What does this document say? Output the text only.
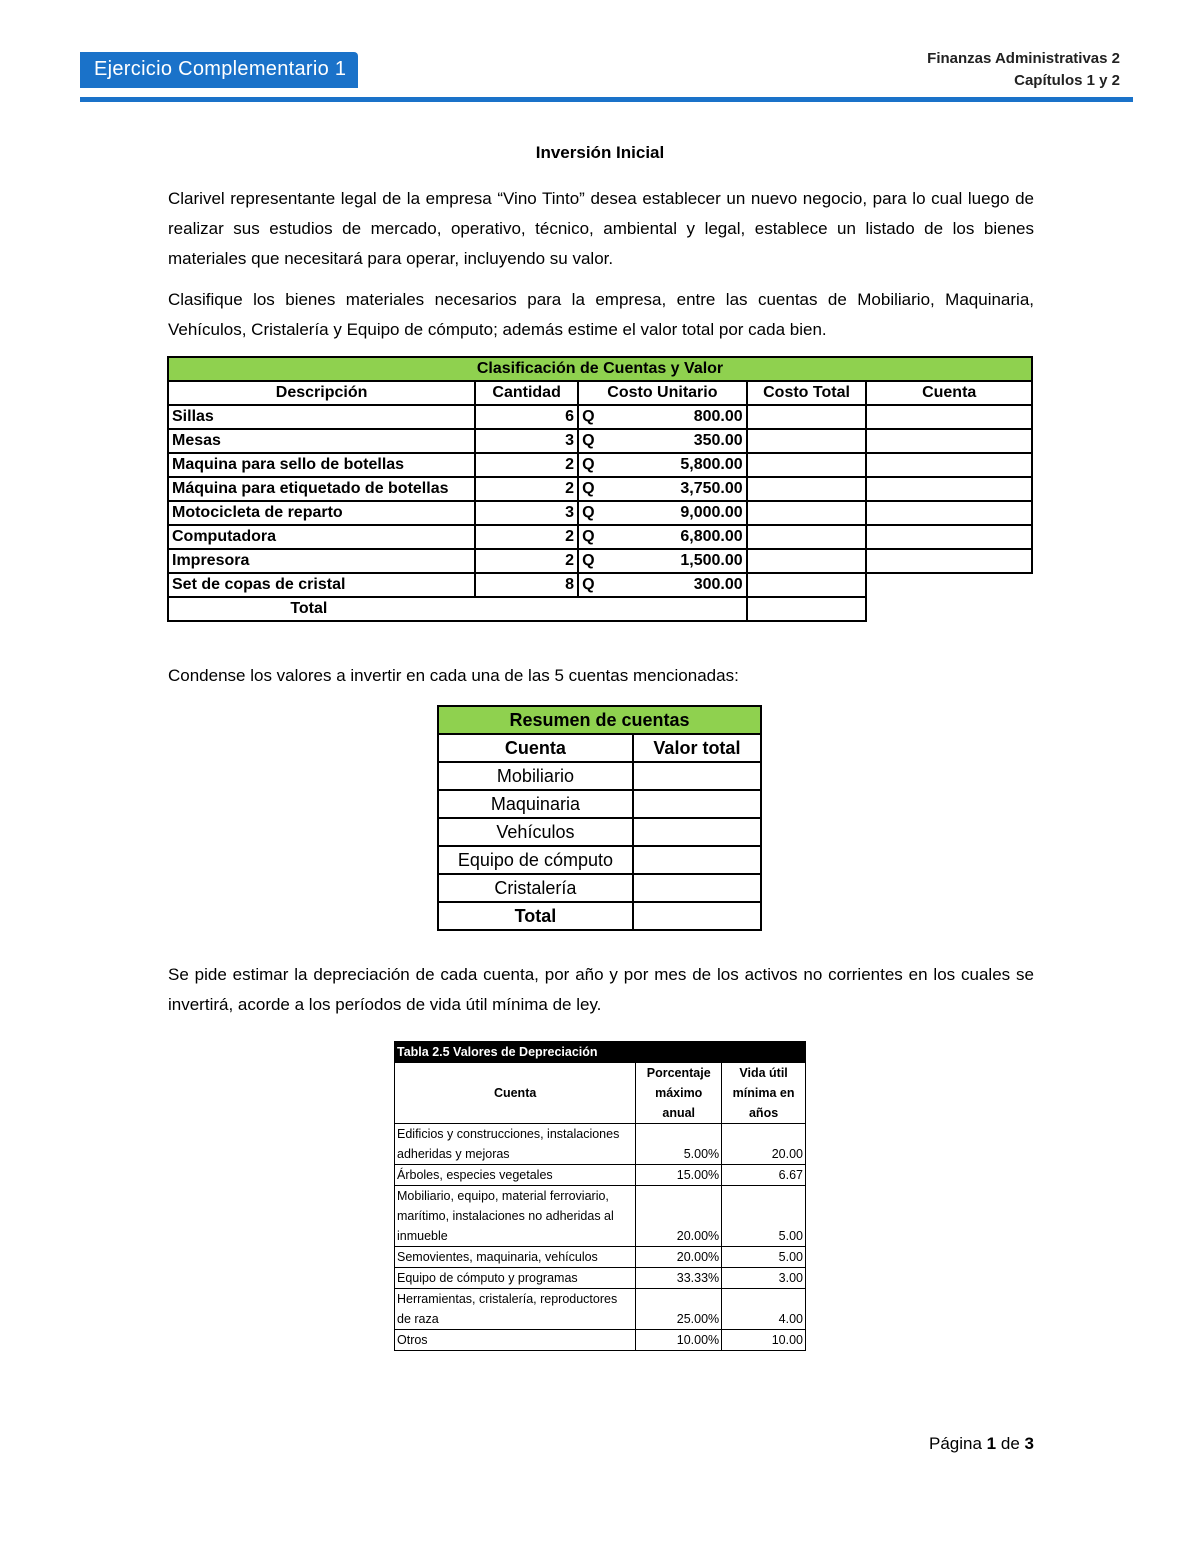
Ejercicio Complementario 1	Finanzas Administrativas 2
Capítulos 1 y 2
Inversión Inicial
Clarivel representante legal de la empresa “Vino Tinto” desea establecer un nuevo negocio, para lo cual luego de realizar sus estudios de mercado, operativo, técnico, ambiental y legal, establece un listado de los bienes materiales que necesitará para operar, incluyendo su valor.
Clasifique los bienes materiales necesarios para la empresa, entre las cuentas de Mobiliario, Maquinaria, Vehículos, Cristalería y Equipo de cómputo; además estime el valor total por cada bien.
Clasificación de Cuentas y Valor				
Descripción	Cantidad	Costo Unitario	Costo Total	Cuenta
Sillas	6	Q 800.00		

Mesas	3	Q 350.00		

Maquina para sello de botellas	2	Q 5,800.00		

Máquina para etiquetado de botellas	2	Q 3,750.00		

Motocicleta de reparto	3	Q 9,000.00		

Computadora	2	Q 6,800.00		

Impresora	2	Q 1,500.00		

Set de copas de cristal	8	Q 300.00		

Total				
Condense los valores a invertir en cada una de las 5 cuentas mencionadas:
Resumen de cuentas	
Cuenta	Valor total
Mobiliario	
Maquinaria	
Vehículos	
Equipo de cómputo	
Cristalería	
Total	
Se pide estimar la depreciación de cada cuenta, por año y por mes de los activos no corrientes en los cuales se invertirá, acorde a los períodos de vida útil mínima de ley.
Tabla 2.5 Valores de Depreciación		
Cuenta	Porcentaje máximo anual	Vida útil mínima en años
Edificios y construcciones, instalaciones adheridas y mejoras	5.00%	20.00
Árboles, especies vegetales	15.00%	6.67
Mobiliario, equipo, material ferroviario, marítimo, instalaciones no adheridas al inmueble	20.00%	5.00
Semovientes, maquinaria, vehículos	20.00%	5.00
Equipo de cómputo y programas	33.33%	3.00
Herramientas, cristalería, reproductores de raza	25.00%	4.00
Otros	10.00%	10.00
Página 1 de 3
